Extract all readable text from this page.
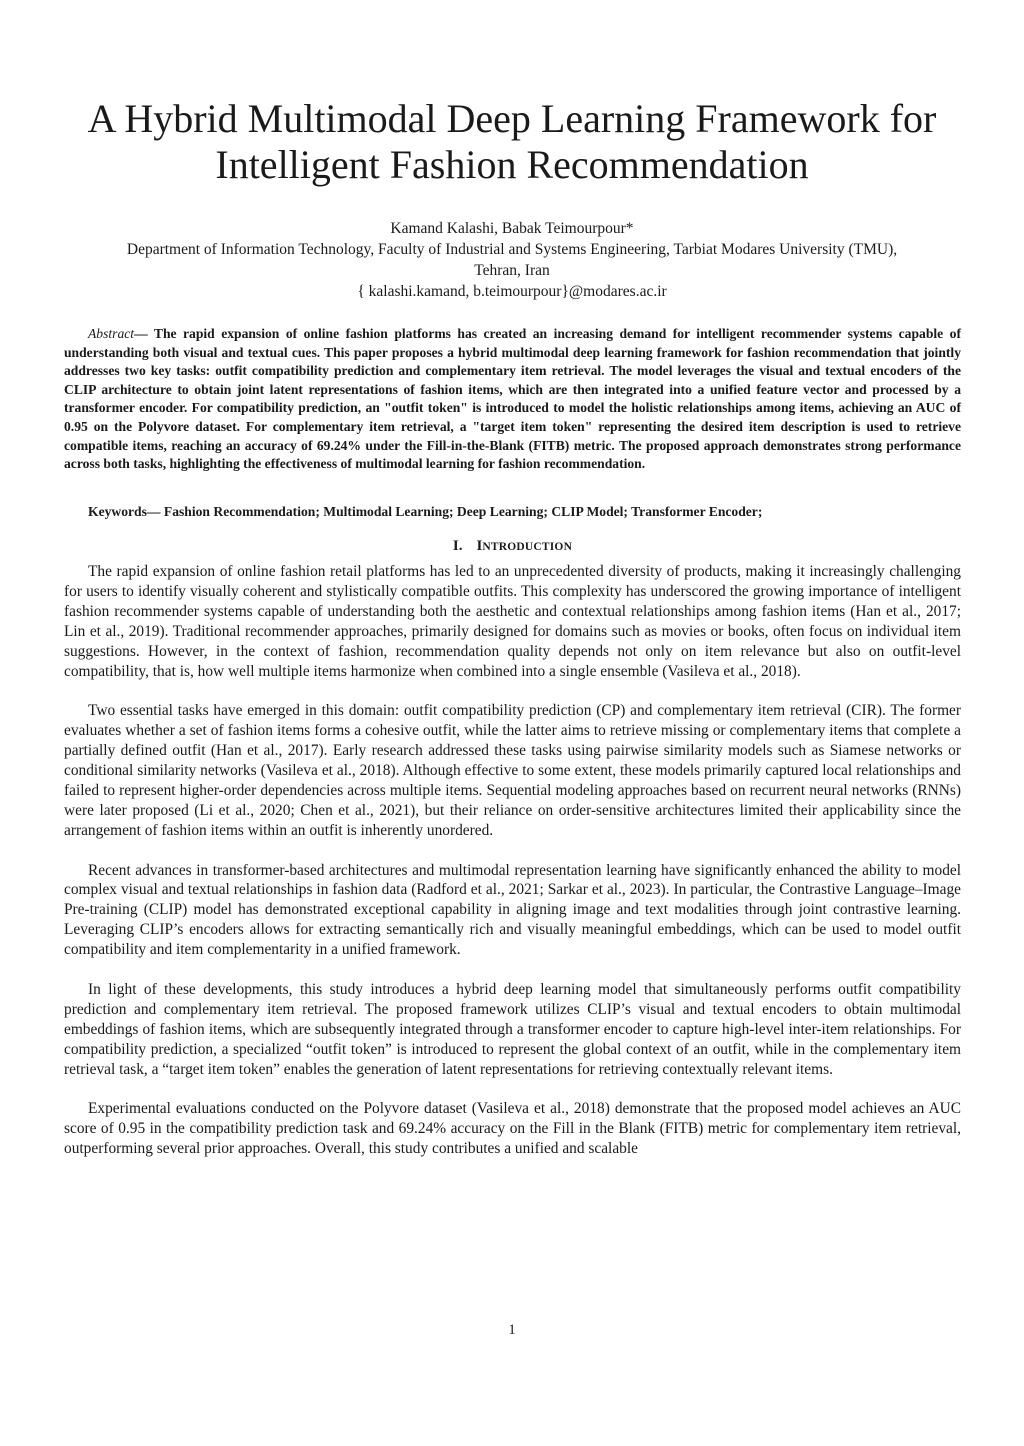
A Hybrid Multimodal Deep Learning Framework for
Intelligent Fashion Recommendation
Kamand Kalashi, Babak Teimourpour*
Department of Information Technology, Faculty of Industrial and Systems Engineering, Tarbiat Modares University (TMU),
Tehran, Iran
{ kalashi.kamand, b.teimourpour}@modares.ac.ir

Abstract— The rapid expansion of online fashion platforms has created an increasing demand for intelligent recommender systems capable of understanding both visual and textual cues. This paper proposes a hybrid multimodal deep learning framework for fashion recommendation that jointly addresses two key tasks: outfit compatibility prediction and complementary item retrieval. The model leverages the visual and textual encoders of the CLIP architecture to obtain joint latent representations of fashion items, which are then integrated into a unified feature vector and processed by a transformer encoder. For compatibility prediction, an "outfit token" is introduced to model the holistic relationships among items, achieving an AUC of 0.95 on the Polyvore dataset. For complementary item retrieval, a "target item token" representing the desired item description is used to retrieve compatible items, reaching an accuracy of 69.24% under the Fill-in-the-Blank (FITB) metric. The proposed approach demonstrates strong performance across both tasks, highlighting the effectiveness of multimodal learning for fashion recommendation.

Keywords— Fashion Recommendation; Multimodal Learning; Deep Learning; CLIP Model; Transformer Encoder;

I. INTRODUCTION

The rapid expansion of online fashion retail platforms has led to an unprecedented diversity of products, making it increasingly challenging for users to identify visually coherent and stylistically compatible outfits. This complexity has underscored the growing importance of intelligent fashion recommender systems capable of understanding both the aesthetic and contextual relationships among fashion items (Han et al., 2017; Lin et al., 2019). Traditional recommender approaches, primarily designed for domains such as movies or books, often focus on individual item suggestions. However, in the context of fashion, recommendation quality depends not only on item relevance but also on outfit-level compatibility, that is, how well multiple items harmonize when combined into a single ensemble (Vasileva et al., 2018).

Two essential tasks have emerged in this domain: outfit compatibility prediction (CP) and complementary item retrieval (CIR). The former evaluates whether a set of fashion items forms a cohesive outfit, while the latter aims to retrieve missing or complementary items that complete a partially defined outfit (Han et al., 2017). Early research addressed these tasks using pairwise similarity models such as Siamese networks or conditional similarity networks (Vasileva et al., 2018). Although effective to some extent, these models primarily captured local relationships and failed to represent higher-order dependencies across multiple items. Sequential modeling approaches based on recurrent neural networks (RNNs) were later proposed (Li et al., 2020; Chen et al., 2021), but their reliance on order-sensitive architectures limited their applicability since the arrangement of fashion items within an outfit is inherently unordered.

Recent advances in transformer-based architectures and multimodal representation learning have significantly enhanced the ability to model complex visual and textual relationships in fashion data (Radford et al., 2021; Sarkar et al., 2023). In particular, the Contrastive Language–Image Pre-training (CLIP) model has demonstrated exceptional capability in aligning image and text modalities through joint contrastive learning. Leveraging CLIP’s encoders allows for extracting semantically rich and visually meaningful embeddings, which can be used to model outfit compatibility and item complementarity in a unified framework.

In light of these developments, this study introduces a hybrid deep learning model that simultaneously performs outfit compatibility prediction and complementary item retrieval. The proposed framework utilizes CLIP’s visual and textual encoders to obtain multimodal embeddings of fashion items, which are subsequently integrated through a transformer encoder to capture high-level inter-item relationships. For compatibility prediction, a specialized “outfit token” is introduced to represent the global context of an outfit, while in the complementary item retrieval task, a “target item token” enables the generation of latent representations for retrieving contextually relevant items.

Experimental evaluations conducted on the Polyvore dataset (Vasileva et al., 2018) demonstrate that the proposed model achieves an AUC score of 0.95 in the compatibility prediction task and 69.24% accuracy on the Fill in the Blank (FITB) metric for complementary item retrieval, outperforming several prior approaches. Overall, this study contributes a unified and scalable

1
